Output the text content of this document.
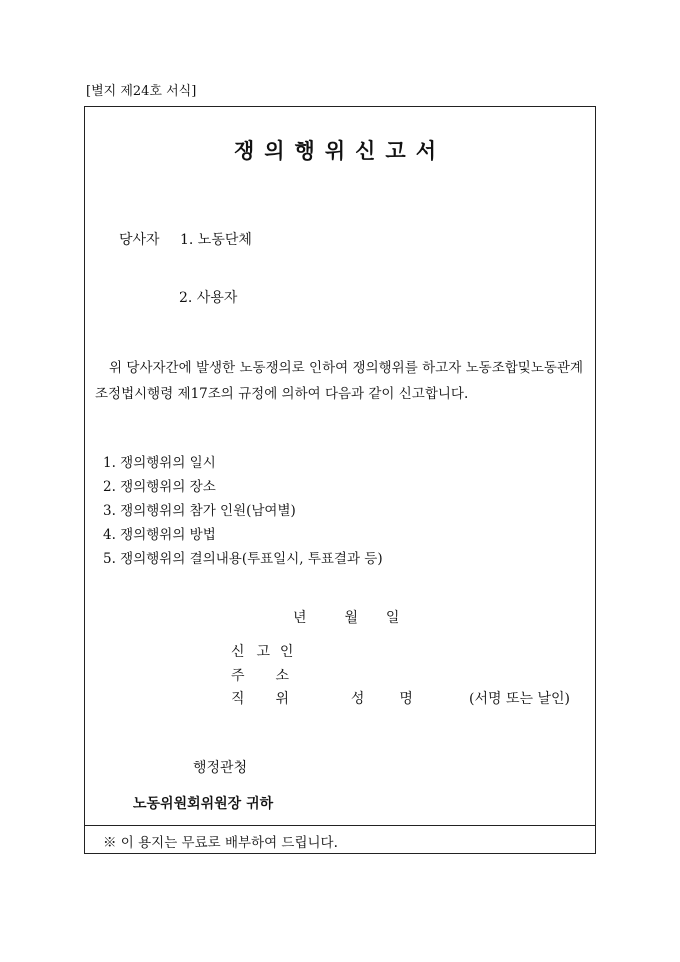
[별지 제24호 서식]
쟁의행위신고서
당사자 1. 노동단체
2. 사용자

위 당사자간에 발생한 노동쟁의로 인하여 쟁의행위를 하고자 노동조합및노동관계조정법시행령 제17조의 규정에 의하여 다음과 같이 신고합니다.

1. 쟁의행위의 일시
2. 쟁의행위의 장소
3. 쟁의행위의 참가 인원(남여별)
4. 쟁의행위의 방법
5. 쟁의행위의 결의내용(투표일시, 투표결과 등)
년	월 일
신 고 인
주 소
직 위	성 명	(서명 또는 날인)
행정관청
노동위원회위원장 귀하
※ 이 용지는 무료로 배부하여 드립니다.
